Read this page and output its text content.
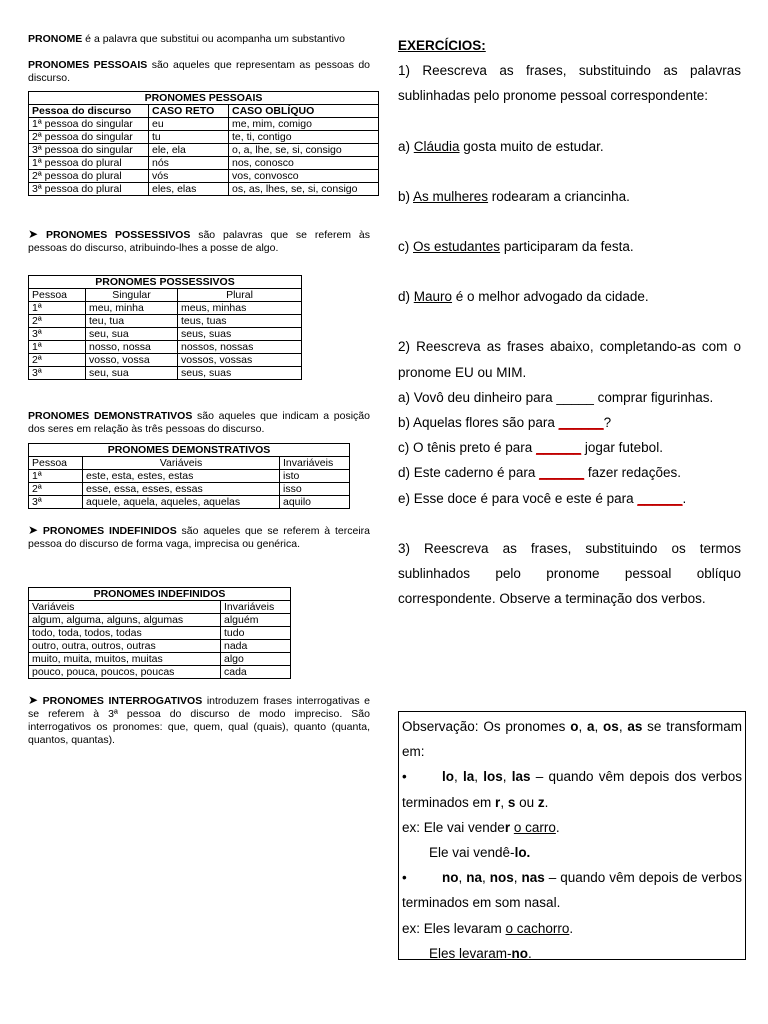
PRONOME é a palavra que substitui ou acompanha um substantivo

PRONOMES PESSOAIS são aqueles que representam as pessoas do discurso.

PRONOMES PESSOAIS		
Pessoa do discurso	CASO RETO	CASO OBLÍQUO
1ª pessoa do singular	eu	me, mim, comigo
2ª pessoa do singular	tu	te, ti, contigo
3ª pessoa do singular	ele, ela	o, a, lhe, se, si, consigo
1ª pessoa do plural	nós	nos, conosco
2ª pessoa do plural	vós	vos, convosco
3ª pessoa do plural	eles, elas	os, as, lhes, se, si, consigo

➤ PRONOMES POSSESSIVOS são palavras que se referem às pessoas do discurso, atribuindo-lhes a posse de algo.

PRONOMES POSSESSIVOS		
Pessoa	Singular	Plural
1ª	meu, minha	meus, minhas
2ª	teu, tua	teus, tuas
3ª	seu, sua	seus, suas
1ª	nosso, nossa	nossos, nossas
2ª	vosso, vossa	vossos, vossas
3ª	seu, sua	seus, suas

PRONOMES DEMONSTRATIVOS são aqueles que indicam a posição dos seres em relação às três pessoas do discurso.

PRONOMES DEMONSTRATIVOS		
Pessoa	Variáveis	Invariáveis
1ª	este, esta, estes, estas	isto
2ª	esse, essa, esses, essas	isso
3ª	aquele, aquela, aqueles, aquelas	aquilo

➤ PRONOMES INDEFINIDOS são aqueles que se referem à terceira pessoa do discurso de forma vaga, imprecisa ou genérica.

PRONOMES INDEFINIDOS	
Variáveis	Invariáveis
algum, alguma, alguns, algumas	alguém
todo, toda, todos, todas	tudo
outro, outra, outros, outras	nada
muito, muita, muitos, muitas	algo
pouco, pouca, poucos, poucas	cada

➤ PRONOMES INTERROGATIVOS introduzem frases interrogativas e se referem à 3ª pessoa do discurso de modo impreciso. São interrogativos os pronomes: que, quem, qual (quais), quanto (quanta, quantos, quantas).

EXERCÍCIOS:

1) Reescreva as frases, substituindo as palavras sublinhadas pelo pronome pessoal correspondente:

a) Cláudia gosta muito de estudar.

b) As mulheres rodearam a criancinha.

c) Os estudantes participaram da festa.

d) Mauro é o melhor advogado da cidade.

2) Reescreva as frases abaixo, completando-as com o pronome EU ou MIM.

a) Vovô deu dinheiro para _____ comprar figurinhas.

b) Aquelas flores são para ______?

c) O tênis preto é para ______ jogar futebol.

d) Este caderno é para ______ fazer redações.

e) Esse doce é para você e este é para ______.

3) Reescreva as frases, substituindo os termos sublinhados pelo pronome pessoal oblíquo correspondente. Observe a terminação dos verbos.

Observação: Os pronomes o, a, os, as se transformam em:

•	lo, la, los, las – quando vêm depois dos verbos terminados em r, s ou z.

ex: Ele vai vender o carro.

Ele vai vendê-lo.

•	no, na, nos, nas – quando vêm depois de verbos terminados em som nasal.

ex: Eles levaram o cachorro.

Eles levaram-no.
